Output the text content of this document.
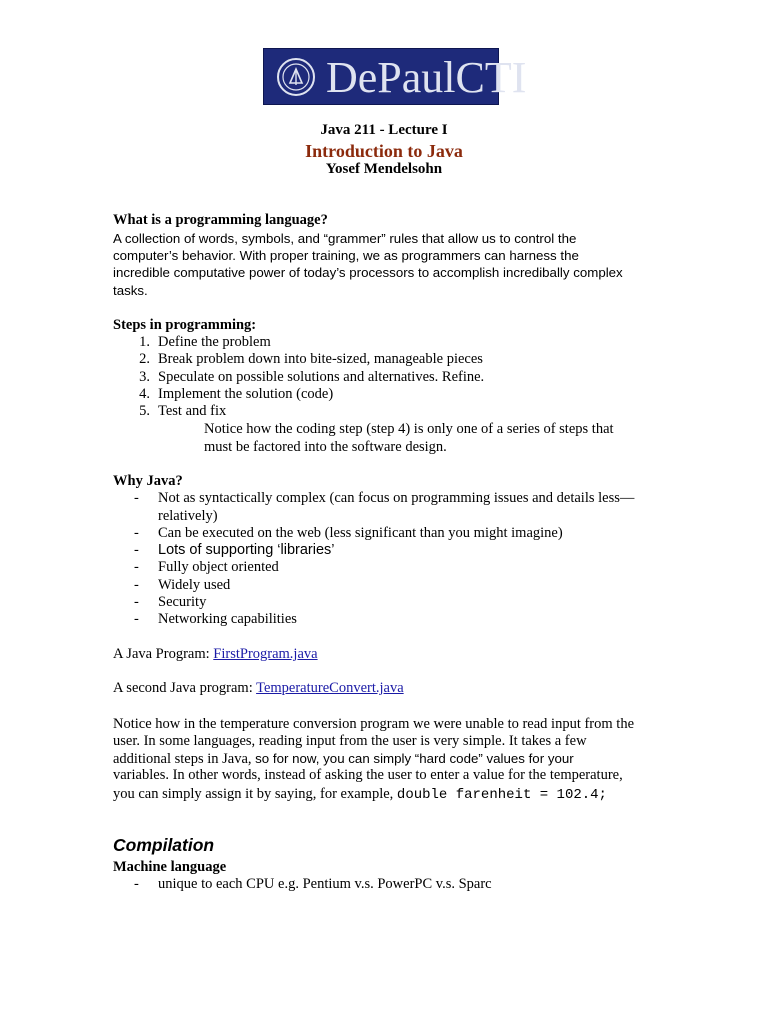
DePaulCTI
Java 211 - Lecture I
Introduction to Java
Yosef Mendelsohn
What is a programming language?
A collection of words, symbols, and “grammer” rules that allow us to control the
computer’s behavior. With proper training, we as programmers can harness the
incredible computative power of today’s processors to accomplish incredibally complex
tasks.
Steps in programming:
1. Define the problem
2. Break problem down into bite-sized, manageable pieces
3. Speculate on possible solutions and alternatives. Refine.
4. Implement the solution (code)
5. Test and fix
Notice how the coding step (step 4) is only one of a series of steps that
must be factored into the software design.
Why Java?
- Not as syntactically complex (can focus on programming issues and details less—
relatively)
- Can be executed on the web (less significant than you might imagine)
- Lots of supporting ‘libraries’
- Fully object oriented
- Widely used
- Security
- Networking capabilities
A Java Program: FirstProgram.java
A second Java program: TemperatureConvert.java
Notice how in the temperature conversion program we were unable to read input from the
user. In some languages, reading input from the user is very simple. It takes a few
additional steps in Java, so for now, you can simply “hard code” values for your
variables. In other words, instead of asking the user to enter a value for the temperature,
you can simply assign it by saying, for example, double farenheit = 102.4;
Compilation
Machine language
- unique to each CPU e.g. Pentium v.s. PowerPC v.s. Sparc
